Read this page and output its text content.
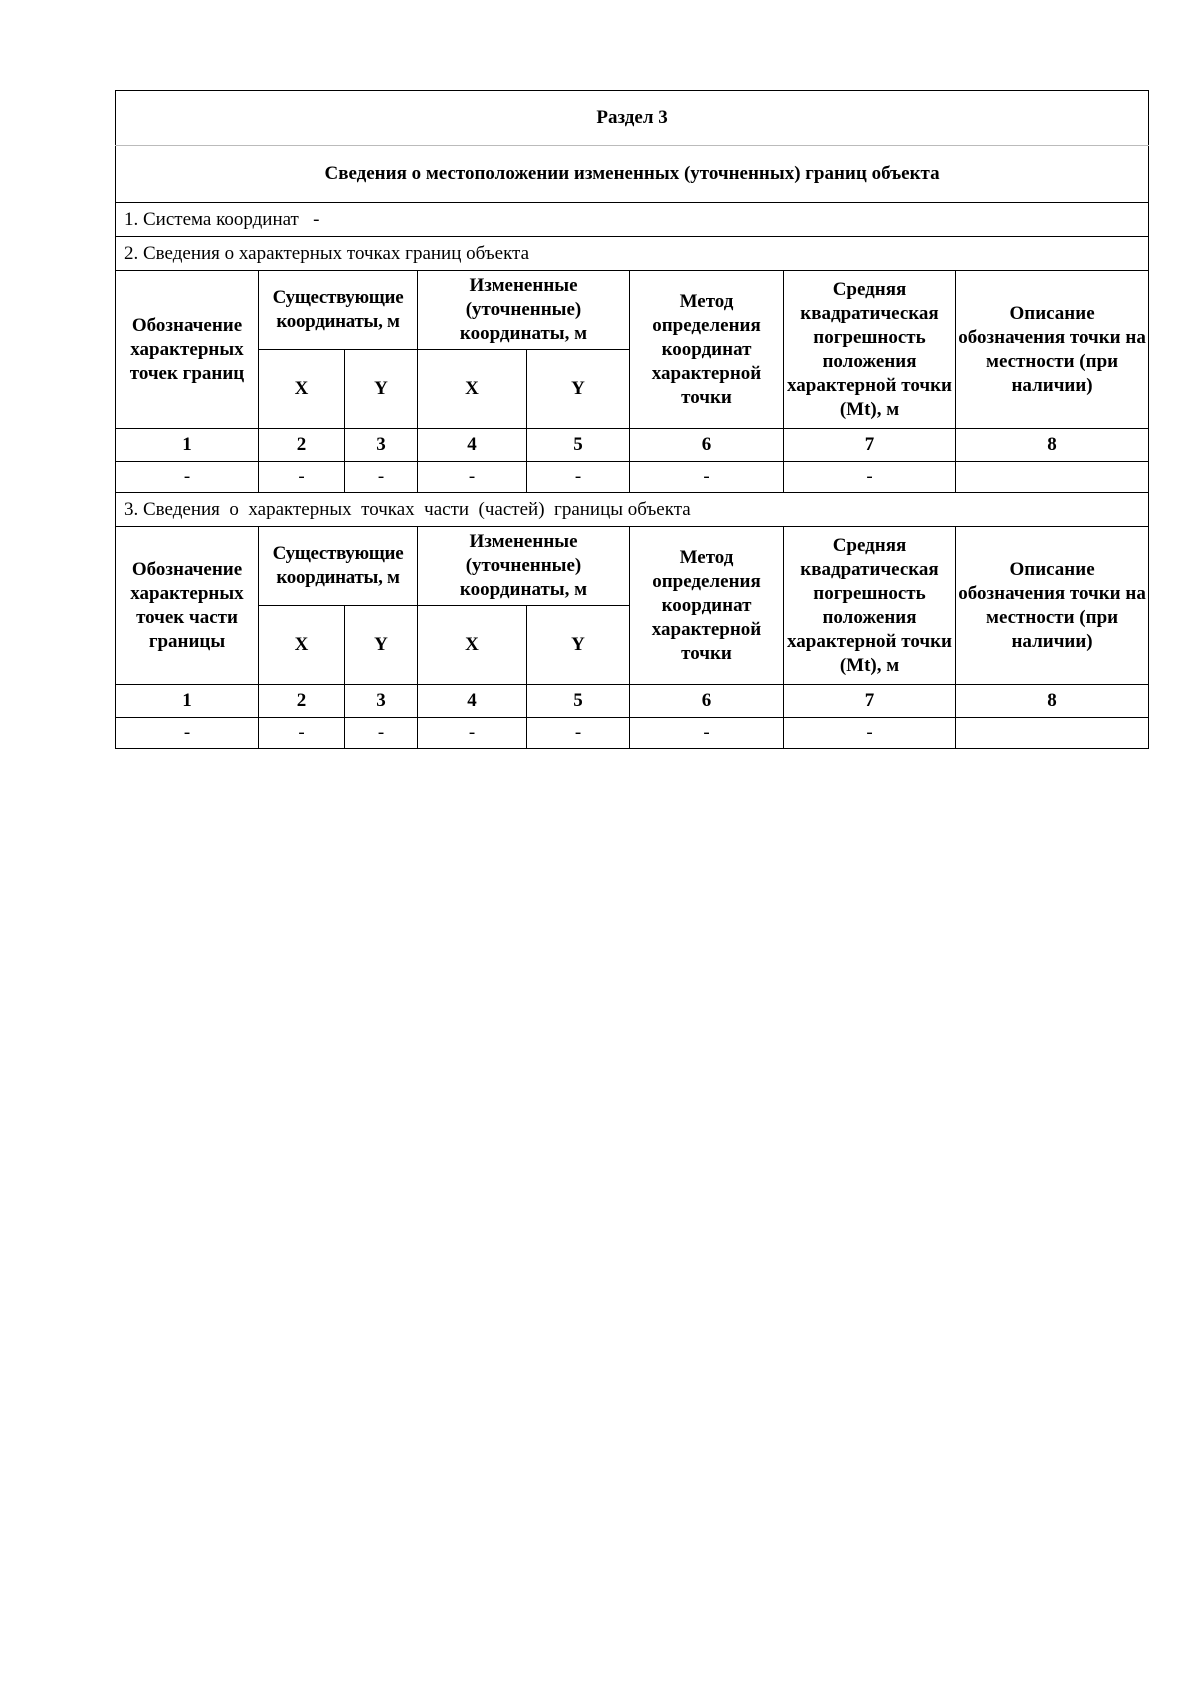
Раздел 3							
Сведения о местоположении измененных (уточненных) границ объекта							
1. Система координат -							
2. Сведения о характерных точках границ объекта							
Обозначение характерных точек границ	Существующие координаты, м		Измененные (уточненные) координаты, м		Метод определения координат характерной точки	Средняя квадратическая погрешность положения характерной точки (Mt), м	Описание обозначения точки на местности (при наличии)
	X	Y	X	Y			
1	2	3	4	5	6	7	8
-	-	-	-	-	-	-	
3. Сведения  о  характерных  точках  части  (частей)  границы объекта							
Обозначение характерных точек части границы	Существующие координаты, м		Измененные (уточненные) координаты, м		Метод определения координат характерной точки	Средняя квадратическая погрешность положения характерной точки (Mt), м	Описание обозначения точки на местности (при наличии)
	X	Y	X	Y			
1	2	3	4	5	6	7	8
-	-	-	-	-	-	-	
